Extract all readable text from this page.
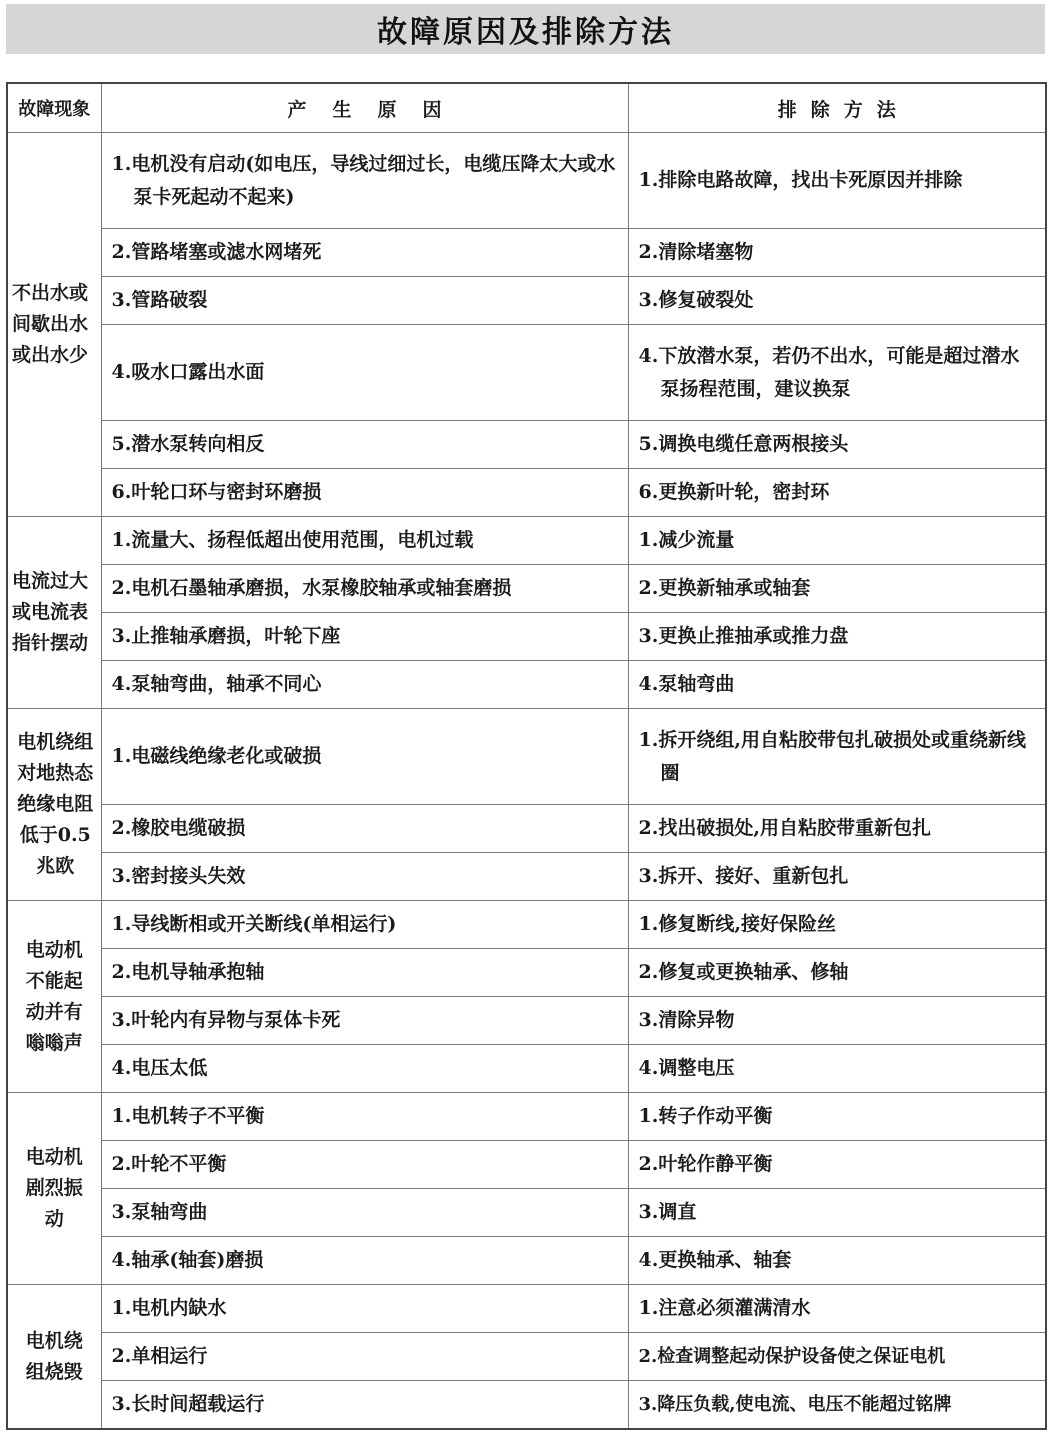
故障原因及排除方法
故障现象	产生原因	排除方法
不出水或间歇出水或出水少	1.电机没有启动(如电压，导线过细过长，电缆压降太大或水泵卡死起动不起来)	1.排除电路故障，找出卡死原因并排除

	2.管路堵塞或滤水网堵死	2.清除堵塞物
	3.管路破裂	3.修复破裂处

	4.吸水口露出水面	4.下放潜水泵，若仍不出水，可能是超过潜水泵扬程范围，建议换泵

	5.潜水泵转向相反	5.调换电缆任意两根接头
	6.叶轮口环与密封环磨损	6.更换新叶轮，密封环
电流过大或电流表指针摆动	1.流量大、扬程低超出使用范围，电机过载	1.减少流量
	2.电机石墨轴承磨损，水泵橡胶轴承或轴套磨损	2.更换新轴承或轴套
	3.止推轴承磨损，叶轮下座	3.更换止推抽承或推力盘
	4.泵轴弯曲，轴承不同心	4.泵轴弯曲
电机绕组对地热态绝缘电阻低于0.5兆欧	1.电磁线绝缘老化或破损	1.拆开绕组,用自粘胶带包扎破损处或重绕新线圈

	2.橡胶电缆破损	2.找出破损处,用自粘胶带重新包扎
	3.密封接头失效	3.拆开、接好、重新包扎
电动机不能起动并有嗡嗡声	1.导线断相或开关断线(单相运行)	1.修复断线,接好保险丝
	2.电机导轴承抱轴	2.修复或更换轴承、修轴
	3.叶轮内有异物与泵体卡死	3.清除异物
	4.电压太低	4.调整电压
电动机剧烈振动	1.电机转子不平衡	1.转子作动平衡
	2.叶轮不平衡	2.叶轮作静平衡
	3.泵轴弯曲	3.调直
	4.轴承(轴套)磨损	4.更换轴承、轴套
电机绕组烧毁	1.电机内缺水	1.注意必须灌满清水
	2.单相运行	2.检查调整起动保护设备使之保证电机
	3.长时间超载运行	3.降压负载,使电流、电压不能超过铭牌
